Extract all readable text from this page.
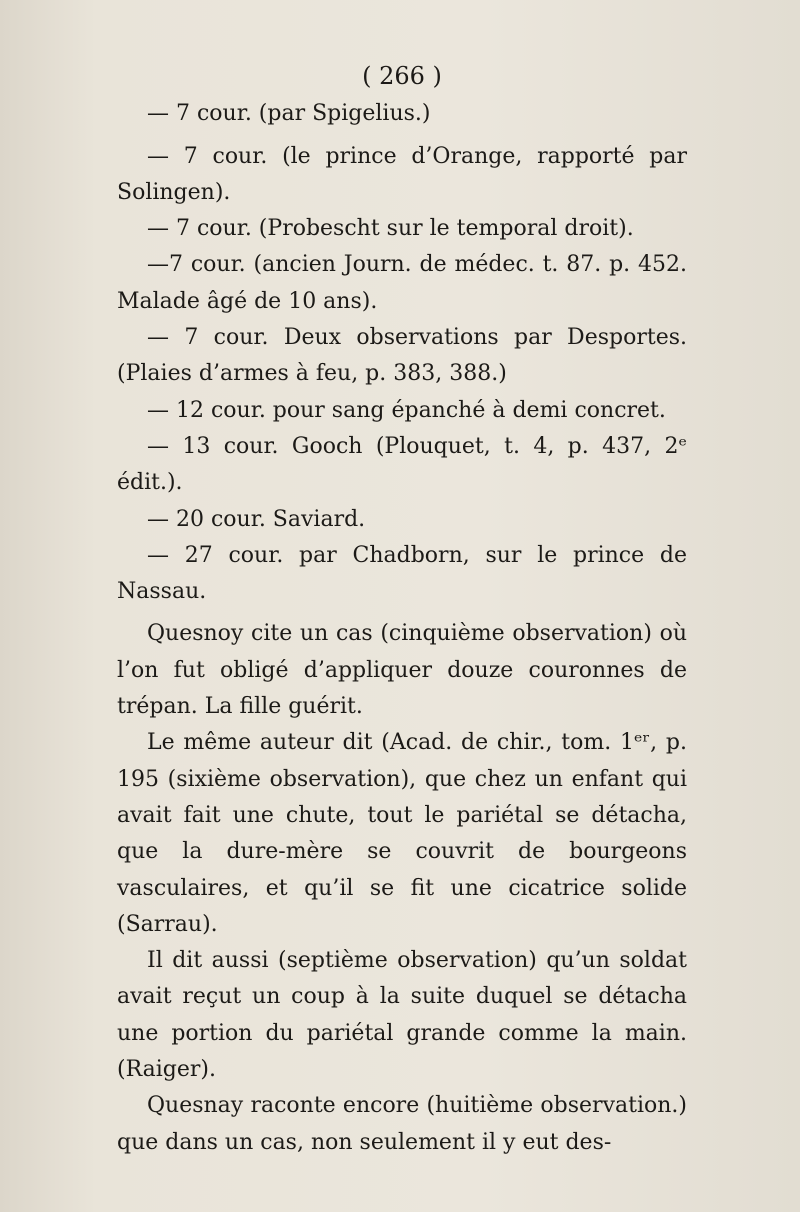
( 266 )
— 7 cour. (par Spigelius.)
— 7 cour. (le prince d’Orange, rapporté par Solingen).
— 7 cour. (Probescht sur le temporal droit).
—7 cour. (ancien Journ. de médec. t. 87. p. 452. Malade âgé de 10 ans).
— 7 cour. Deux observations par Desportes. (Plaies d’armes à feu, p. 383, 388.)
— 12 cour. pour sang épanché à demi concret.
— 13 cour. Gooch (Plouquet, t. 4, p. 437, 2ᵉ édit.).
— 20 cour. Saviard.
— 27 cour. par Chadborn, sur le prince de Nassau.
Quesnoy cite un cas (cinquième observation) où l’on fut obligé d’appliquer douze couronnes de trépan. La fille guérit.
Le même auteur dit (Acad. de chir., tom. 1ᵉʳ, p. 195 (sixième observation), que chez un enfant qui avait fait une chute, tout le pariétal se détacha, que la dure-mère se couvrit de bourgeons vasculaires, et qu’il se fit une cicatrice solide (Sarrau).
Il dit aussi (septième observation) qu’un soldat avait reçut un coup à la suite duquel se détacha une portion du pariétal grande comme la main. (Raiger).
Quesnay raconte encore (huitième observation.) que dans un cas, non seulement il y eut des-
